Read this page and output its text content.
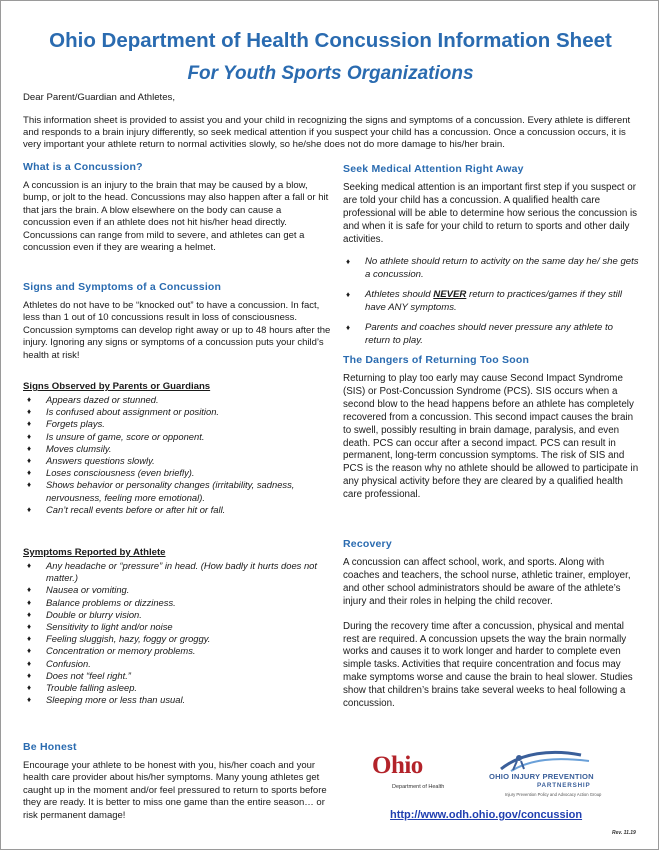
Ohio Department of Health Concussion Information Sheet
For Youth Sports Organizations
Dear Parent/Guardian and Athletes,

This information sheet is provided to assist you and your child in recognizing the signs and symptoms of a concussion. Every athlete is different and responds to a brain injury differently, so seek medical attention if you suspect your child has a concussion. Once a concussion occurs, it is very important your athlete return to normal activities slowly, so he/she does not do more damage to his/her brain.

What is a Concussion?

A concussion is an injury to the brain that may be caused by a blow, bump, or jolt to the head. Concussions may also happen after a fall or hit that jars the brain. A blow elsewhere on the body can cause a concussion even if an athlete does not hit his/her head directly. Concussions can range from mild to severe, and athletes can get a concussion even if they are wearing a helmet.

Signs and Symptoms of a Concussion

Athletes do not have to be “knocked out” to have a concussion. In fact, less than 1 out of 10 concussions result in loss of consciousness. Concussion symptoms can develop right away or up to 48 hours after the injury. Ignoring any signs or symptoms of a concussion puts your child’s health at risk!

Signs Observed by Parents or Guardians
♦ Appears dazed or stunned.
♦ Is confused about assignment or position.
♦ Forgets plays.
♦ Is unsure of game, score or opponent.
♦ Moves clumsily.
♦ Answers questions slowly.
♦ Loses consciousness (even briefly).
♦ Shows behavior or personality changes (irritability, sadness, nervousness, feeling more emotional).
♦ Can’t recall events before or after hit or fall.
Symptoms Reported by Athlete
♦ Any headache or “pressure” in head. (How badly it hurts does not matter.)
♦ Nausea or vomiting.
♦ Balance problems or dizziness.
♦ Double or blurry vision.
♦ Sensitivity to light and/or noise
♦ Feeling sluggish, hazy, foggy or groggy.
♦ Concentration or memory problems.
♦ Confusion.
♦ Does not “feel right.”
♦ Trouble falling asleep.
♦ Sleeping more or less than usual.
Be Honest

Encourage your athlete to be honest with you, his/her coach and your health care provider about his/her symptoms. Many young athletes get caught up in the moment and/or feel pressured to return to sports before they are ready. It is better to miss one game than the entire season… or risk permanent damage!

Seek Medical Attention Right Away

Seeking medical attention is an important first step if you suspect or are told your child has a concussion. A qualified health care professional will be able to determine how serious the concussion is and when it is safe for your child to return to sports and other daily activities.

♦ No athlete should return to activity on the same day he/ she gets a concussion.
♦ Athletes should NEVER return to practices/games if they still have ANY symptoms.
♦ Parents and coaches should never pressure any athlete to return to play.
The Dangers of Returning Too Soon

Returning to play too early may cause Second Impact Syndrome (SIS) or Post-Concussion Syndrome (PCS). SIS occurs when a second blow to the head happens before an athlete has completely recovered from a concussion. This second impact causes the brain to swell, possibly resulting in brain damage, paralysis, and even death. PCS can occur after a second impact. PCS can result in permanent, long-term concussion symptoms. The risk of SIS and PCS is the reason why no athlete should be allowed to participate in any physical activity before they are cleared by a qualified health care professional.

Recovery

A concussion can affect school, work, and sports. Along with coaches and teachers, the school nurse, athletic trainer, employer, and other school administrators should be aware of the athlete’s injury and their roles in helping the child recover.

During the recovery time after a concussion, physical and mental rest are required. A concussion upsets the way the brain normally works and causes it to work longer and harder to complete even simple tasks. Activities that require concentration and focus may make symptoms worse and cause the brain to heal slower. Studies show that children’s brains take several weeks to heal following a concussion.

Ohio
Department of Health
OHIO INJURY PREVENTION
PARTNERSHIP
Injury Prevention Policy and Advocacy Action Group
http://www.odh.ohio.gov/concussion
Rev. 11.19
